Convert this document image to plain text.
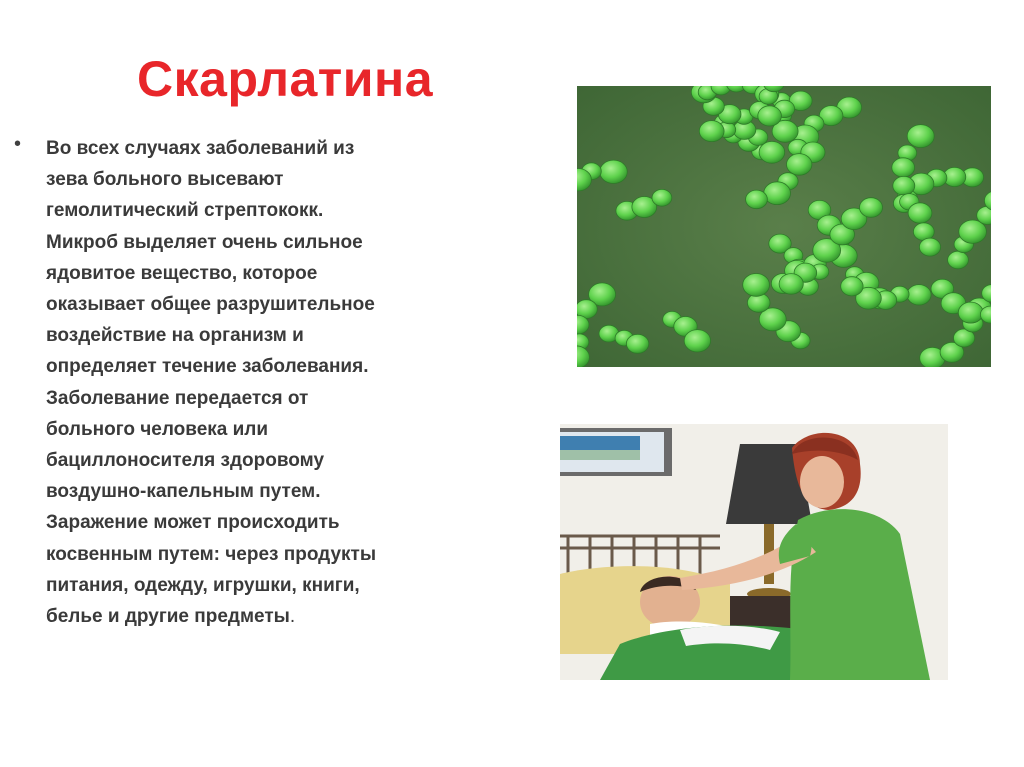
Скарлатина
• Во всех случаях заболеваний из
зева больного высевают
гемолитический стрептококк.
Микроб выделяет очень сильное
ядовитое вещество, которое
оказывает общее разрушительное
воздействие на организм и
определяет течение заболевания.
Заболевание передается от
больного человека или
бациллоносителя здоровому
воздушно-капельным путем.
Заражение может происходить
косвенным путем: через продукты
питания, одежду, игрушки, книги,
белье и другие предметы.
